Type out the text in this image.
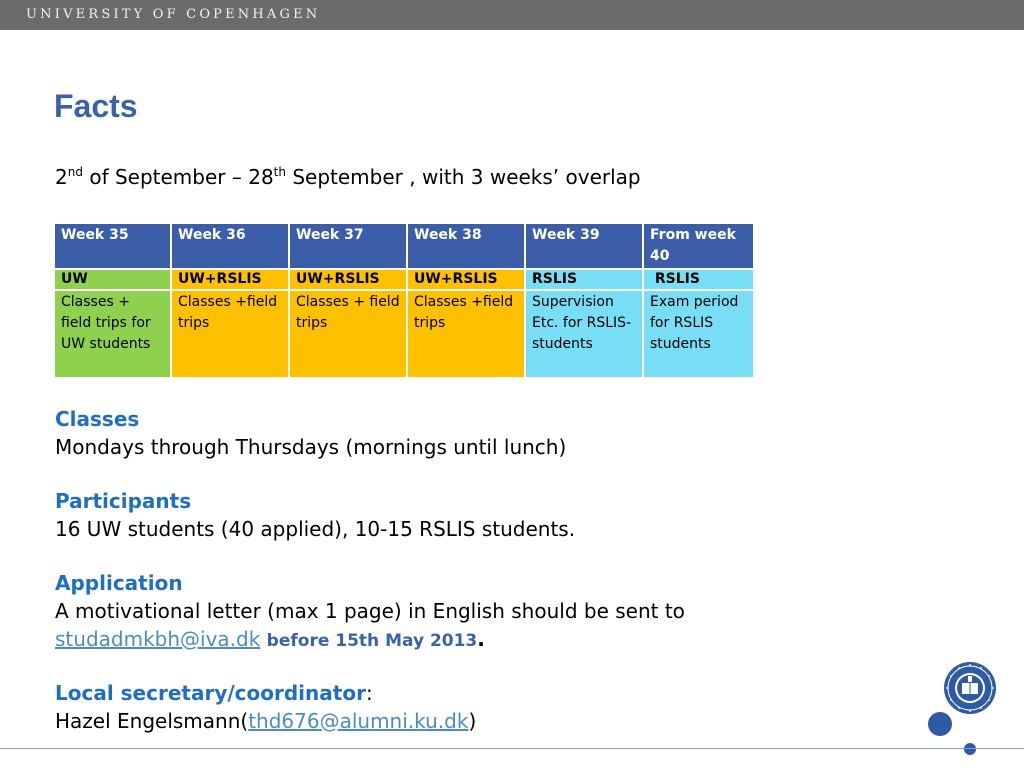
UNIVERSITY OF COPENHAGEN
Facts
2nd of September – 28th September , with 3 weeks’ overlap
Week 35	Week 36	Week 37	Week 38	Week 39	From week 40
UW	UW+RSLIS	UW+RSLIS	UW+RSLIS	RSLIS	RSLIS
Classes + field trips for UW students	Classes +field trips	Classes + field trips	Classes +field trips	Supervision Etc. for RSLIS-students	Exam period for RSLIS students
Classes

Mondays through Thursdays (mornings until lunch)

Participants

16 UW students (40 applied), 10-15 RSLIS students.

Application

A motivational letter (max 1 page) in English should be sent to

studadmkbh@iva.dk before 15th May 2013.

Local secretary/coordinator:

Hazel Engelsmann(thd676@alumni.ku.dk)
